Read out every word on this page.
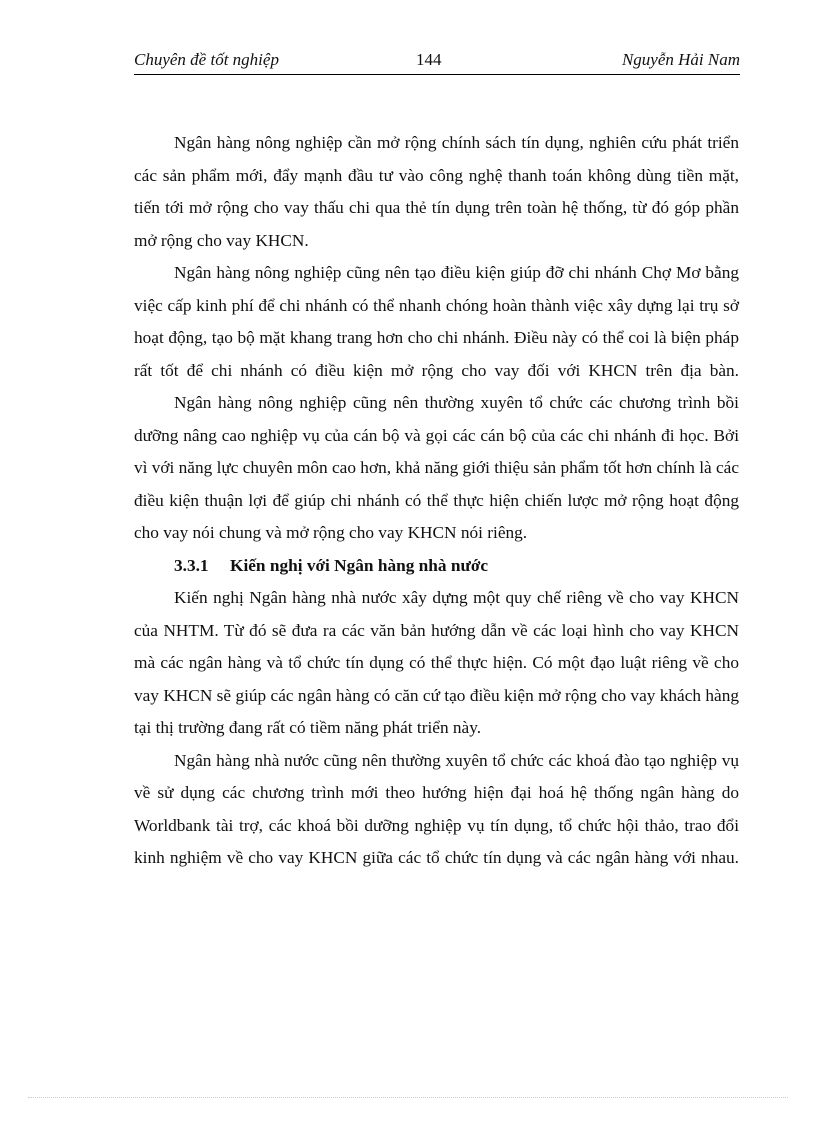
Chuyên đề tốt nghiệp	144	Nguyễn Hải Nam

Ngân hàng nông nghiệp cần mở rộng chính sách tín dụng, nghiên cứu phát triển các sản phẩm mới, đẩy mạnh đầu tư vào công nghệ thanh toán không dùng tiền mặt, tiến tới mở rộng cho vay thấu chi qua thẻ tín dụng trên toàn hệ thống, từ đó góp phần mở rộng cho vay KHCN.

Ngân hàng nông nghiệp cũng nên tạo điều kiện giúp đỡ chi nhánh Chợ Mơ bằng việc cấp kinh phí để chi nhánh có thể nhanh chóng hoàn thành việc xây dựng lại trụ sở hoạt động, tạo bộ mặt khang trang hơn cho chi nhánh. Điều này có thể coi là biện pháp rất tốt để chi nhánh có điều kiện mở rộng cho vay đối với KHCN trên địa bàn.

Ngân hàng nông nghiệp cũng nên thường xuyên tổ chức các chương trình bồi dưỡng nâng cao nghiệp vụ của cán bộ và gọi các cán bộ của các chi nhánh đi học. Bởi vì với năng lực chuyên môn cao hơn, khả năng giới thiệu sản phẩm tốt hơn chính là các điều kiện thuận lợi để giúp chi nhánh có thể thực hiện chiến lược mở rộng hoạt động cho vay nói chung và mở rộng cho vay KHCN nói riêng.

3.3.1 Kiến nghị với Ngân hàng nhà nước

Kiến nghị Ngân hàng nhà nước xây dựng một quy chế riêng về cho vay KHCN của NHTM. Từ đó sẽ đưa ra các văn bản hướng dẫn về các loại hình cho vay KHCN mà các ngân hàng và tổ chức tín dụng có thể thực hiện. Có một đạo luật riêng về cho vay KHCN sẽ giúp các ngân hàng có căn cứ tạo điều kiện mở rộng cho vay khách hàng tại thị trường đang rất có tiềm năng phát triển này.

Ngân hàng nhà nước cũng nên thường xuyên tổ chức các khoá đào tạo nghiệp vụ về sử dụng các chương trình mới theo hướng hiện đại hoá hệ thống ngân hàng do Worldbank tài trợ, các khoá bồi dưỡng nghiệp vụ tín dụng, tổ chức hội thảo, trao đổi kinh nghiệm về cho vay KHCN giữa các tổ chức tín dụng và các ngân hàng với nhau.
